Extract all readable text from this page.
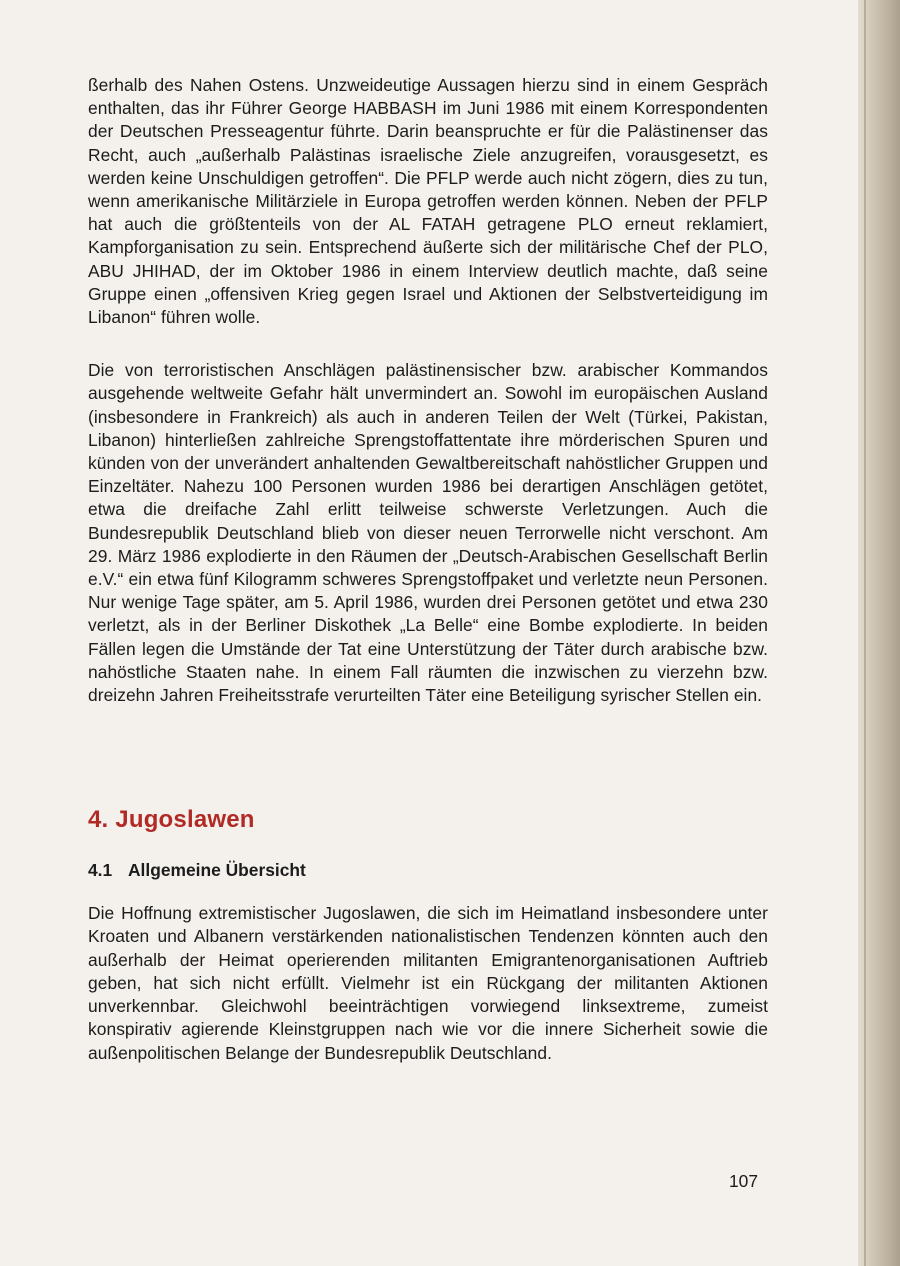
ßerhalb des Nahen Ostens. Unzweideutige Aussagen hierzu sind in einem Gespräch enthalten, das ihr Führer George HABBASH im Juni 1986 mit einem Korrespondenten der Deutschen Presseagentur führte. Darin beanspruchte er für die Palästinenser das Recht, auch „außerhalb Palästinas israelische Ziele anzugreifen, vorausgesetzt, es werden keine Unschuldigen getroffen“. Die PFLP werde auch nicht zögern, dies zu tun, wenn amerikanische Militärziele in Europa getroffen werden können. Neben der PFLP hat auch die größtenteils von der AL FATAH getragene PLO erneut reklamiert, Kampforganisation zu sein. Entsprechend äußerte sich der militärische Chef der PLO, ABU JHIHAD, der im Oktober 1986 in einem Interview deutlich machte, daß seine Gruppe einen „offensiven Krieg gegen Israel und Aktionen der Selbstverteidigung im Libanon“ führen wolle.

Die von terroristischen Anschlägen palästinensischer bzw. arabischer Kommandos ausgehende weltweite Gefahr hält unvermindert an. Sowohl im europäischen Ausland (insbesondere in Frankreich) als auch in anderen Teilen der Welt (Türkei, Pakistan, Libanon) hinterließen zahlreiche Sprengstoffattentate ihre mörderischen Spuren und künden von der unverändert anhaltenden Gewaltbereitschaft nahöstlicher Gruppen und Einzeltäter. Nahezu 100 Personen wurden 1986 bei derartigen Anschlägen getötet, etwa die dreifache Zahl erlitt teilweise schwerste Verletzungen. Auch die Bundesrepublik Deutschland blieb von dieser neuen Terrorwelle nicht verschont. Am 29. März 1986 explodierte in den Räumen der „Deutsch-Arabischen Gesellschaft Berlin e.V.“ ein etwa fünf Kilogramm schweres Sprengstoffpaket und verletzte neun Personen. Nur wenige Tage später, am 5. April 1986, wurden drei Personen getötet und etwa 230 verletzt, als in der Berliner Diskothek „La Belle“ eine Bombe explodierte. In beiden Fällen legen die Umstände der Tat eine Unterstützung der Täter durch arabische bzw. nahöstliche Staaten nahe. In einem Fall räumten die inzwischen zu vierzehn bzw. dreizehn Jahren Freiheitsstrafe verurteilten Täter eine Beteiligung syrischer Stellen ein.

4. Jugoslawen
4.1 Allgemeine Übersicht

Die Hoffnung extremistischer Jugoslawen, die sich im Heimatland insbesondere unter Kroaten und Albanern verstärkenden nationalistischen Tendenzen könnten auch den außerhalb der Heimat operierenden militanten Emigrantenorganisationen Auftrieb geben, hat sich nicht erfüllt. Vielmehr ist ein Rückgang der militanten Aktionen unverkennbar. Gleichwohl beeinträchtigen vorwiegend linksextreme, zumeist konspirativ agierende Kleinstgruppen nach wie vor die innere Sicherheit sowie die außenpolitischen Belange der Bundesrepublik Deutschland.

107
